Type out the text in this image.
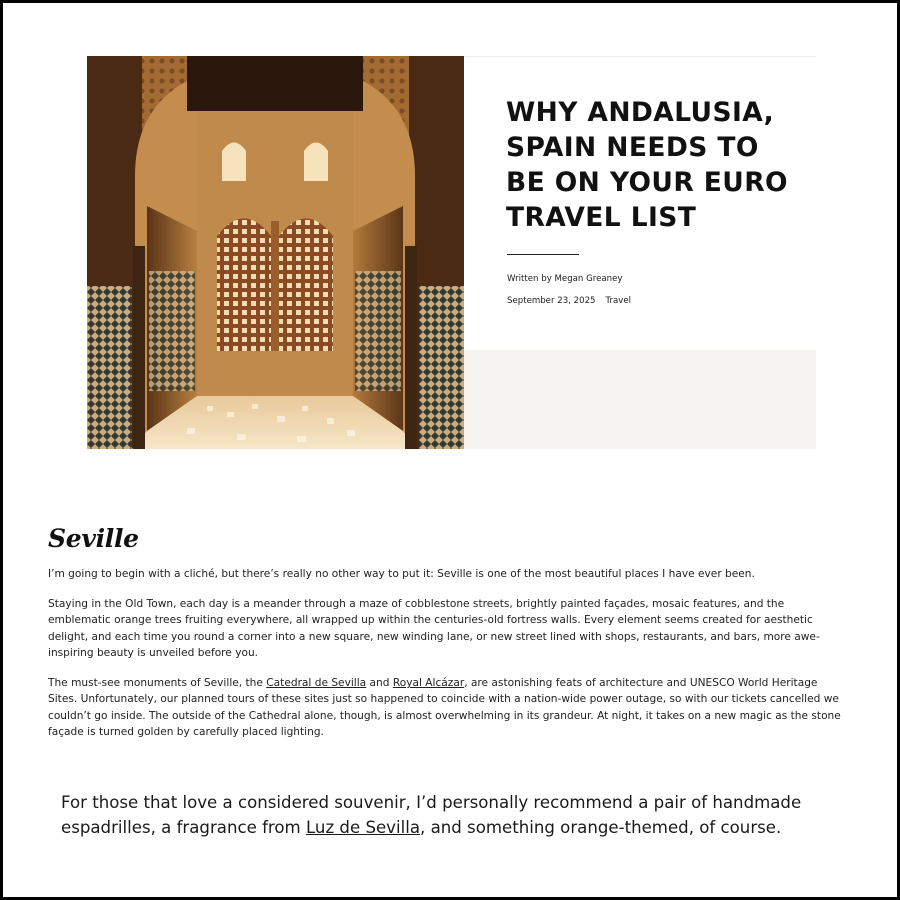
WHY ANDALUSIA, SPAIN NEEDS TO BE ON YOUR EURO TRAVEL LIST
Written by Megan Greaney
September 23, 2025 Travel
Seville

I’m going to begin with a cliché, but there’s really no other way to put it: Seville is one of the most beautiful places I have ever been.

Staying in the Old Town, each day is a meander through a maze of cobblestone streets, brightly painted façades, mosaic features, and the emblematic orange trees fruiting everywhere, all wrapped up within the centuries-old fortress walls. Every element seems created for aesthetic delight, and each time you round a corner into a new square, new winding lane, or new street lined with shops, restaurants, and bars, more awe-inspiring beauty is unveiled before you.

The must-see monuments of Seville, the Catedral de Sevilla and Royal Alcázar, are astonishing feats of architecture and UNESCO World Heritage Sites. Unfortunately, our planned tours of these sites just so happened to coincide with a nation-wide power outage, so with our tickets cancelled we couldn’t go inside. The outside of the Cathedral alone, though, is almost overwhelming in its grandeur. At night, it takes on a new magic as the stone façade is turned golden by carefully placed lighting.

For those that love a considered souvenir, I’d personally recommend a pair of handmade espadrilles, a fragrance from Luz de Sevilla, and something orange-themed, of course.
